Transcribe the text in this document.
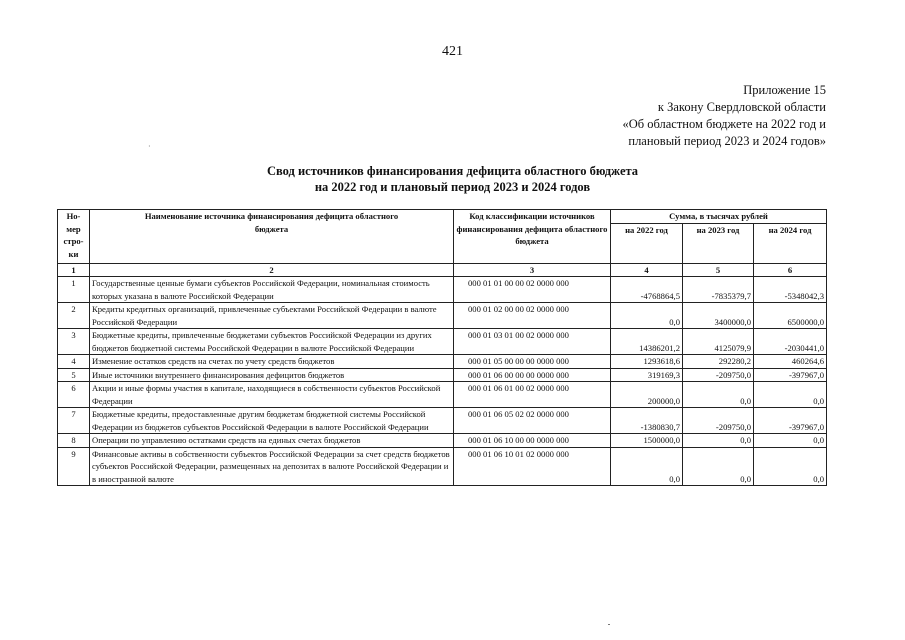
421
Приложение 15
к Закону Свердловской области
«Об областном бюджете на 2022 год и
плановый период 2023 и 2024 годов»
·
Свод источников финансирования дефицита областного бюджета
на 2022 год и плановый период 2023 и 2024 годов
Но-мер стро-ки	Наименование источника финансирования дефицита областного бюджета	Код классификации источников финансирования дефицита областного бюджета	Сумма, в тысячах рублей		
			на 2022 год	на 2023 год	на 2024 год
1	2	3	4	5	6
1	Государственные ценные бумаги субъектов Российской Федерации, номинальная стоимость которых указана в валюте Российской Федерации	000 01 01 00 00 02 0000 000	-4768864,5	-7835379,7	-5348042,3
2	Кредиты кредитных организаций, привлеченные субъектами Российской Федерации в валюте Российской Федерации	000 01 02 00 00 02 0000 000	0,0	3400000,0	6500000,0
3	Бюджетные кредиты, привлеченные бюджетами субъектов Российской Федерации из других бюджетов бюджетной системы Российской Федерации в валюте Российской Федерации	000 01 03 01 00 02 0000 000	14386201,2	4125079,9	-2030441,0
4	Изменение остатков средств на счетах по учету средств бюджетов	000 01 05 00 00 00 0000 000	1293618,6	292280,2	460264,6
5	Иные источники внутреннего финансирования дефицитов бюджетов	000 01 06 00 00 00 0000 000	319169,3	-209750,0	-397967,0
6	Акции и иные формы участия в капитале, находящиеся в собственности субъектов Российской Федерации	000 01 06 01 00 02 0000 000	200000,0	0,0	0,0
7	Бюджетные кредиты, предоставленные другим бюджетам бюджетной системы Российской Федерации из бюджетов субъектов Российской Федерации в валюте Российской Федерации	000 01 06 05 02 02 0000 000	-1380830,7	-209750,0	-397967,0
8	Операции по управлению остатками средств на единых счетах бюджетов	000 01 06 10 00 00 0000 000	1500000,0	0,0	0,0
9	Финансовые активы в собственности субъектов Российской Федерации за счет средств бюджетов субъектов Российской Федерации, размещенных на депозитах в валюте Российской Федерации и в иностранной валюте	000 01 06 10 01 02 0000 000	0,0	0,0	0,0
